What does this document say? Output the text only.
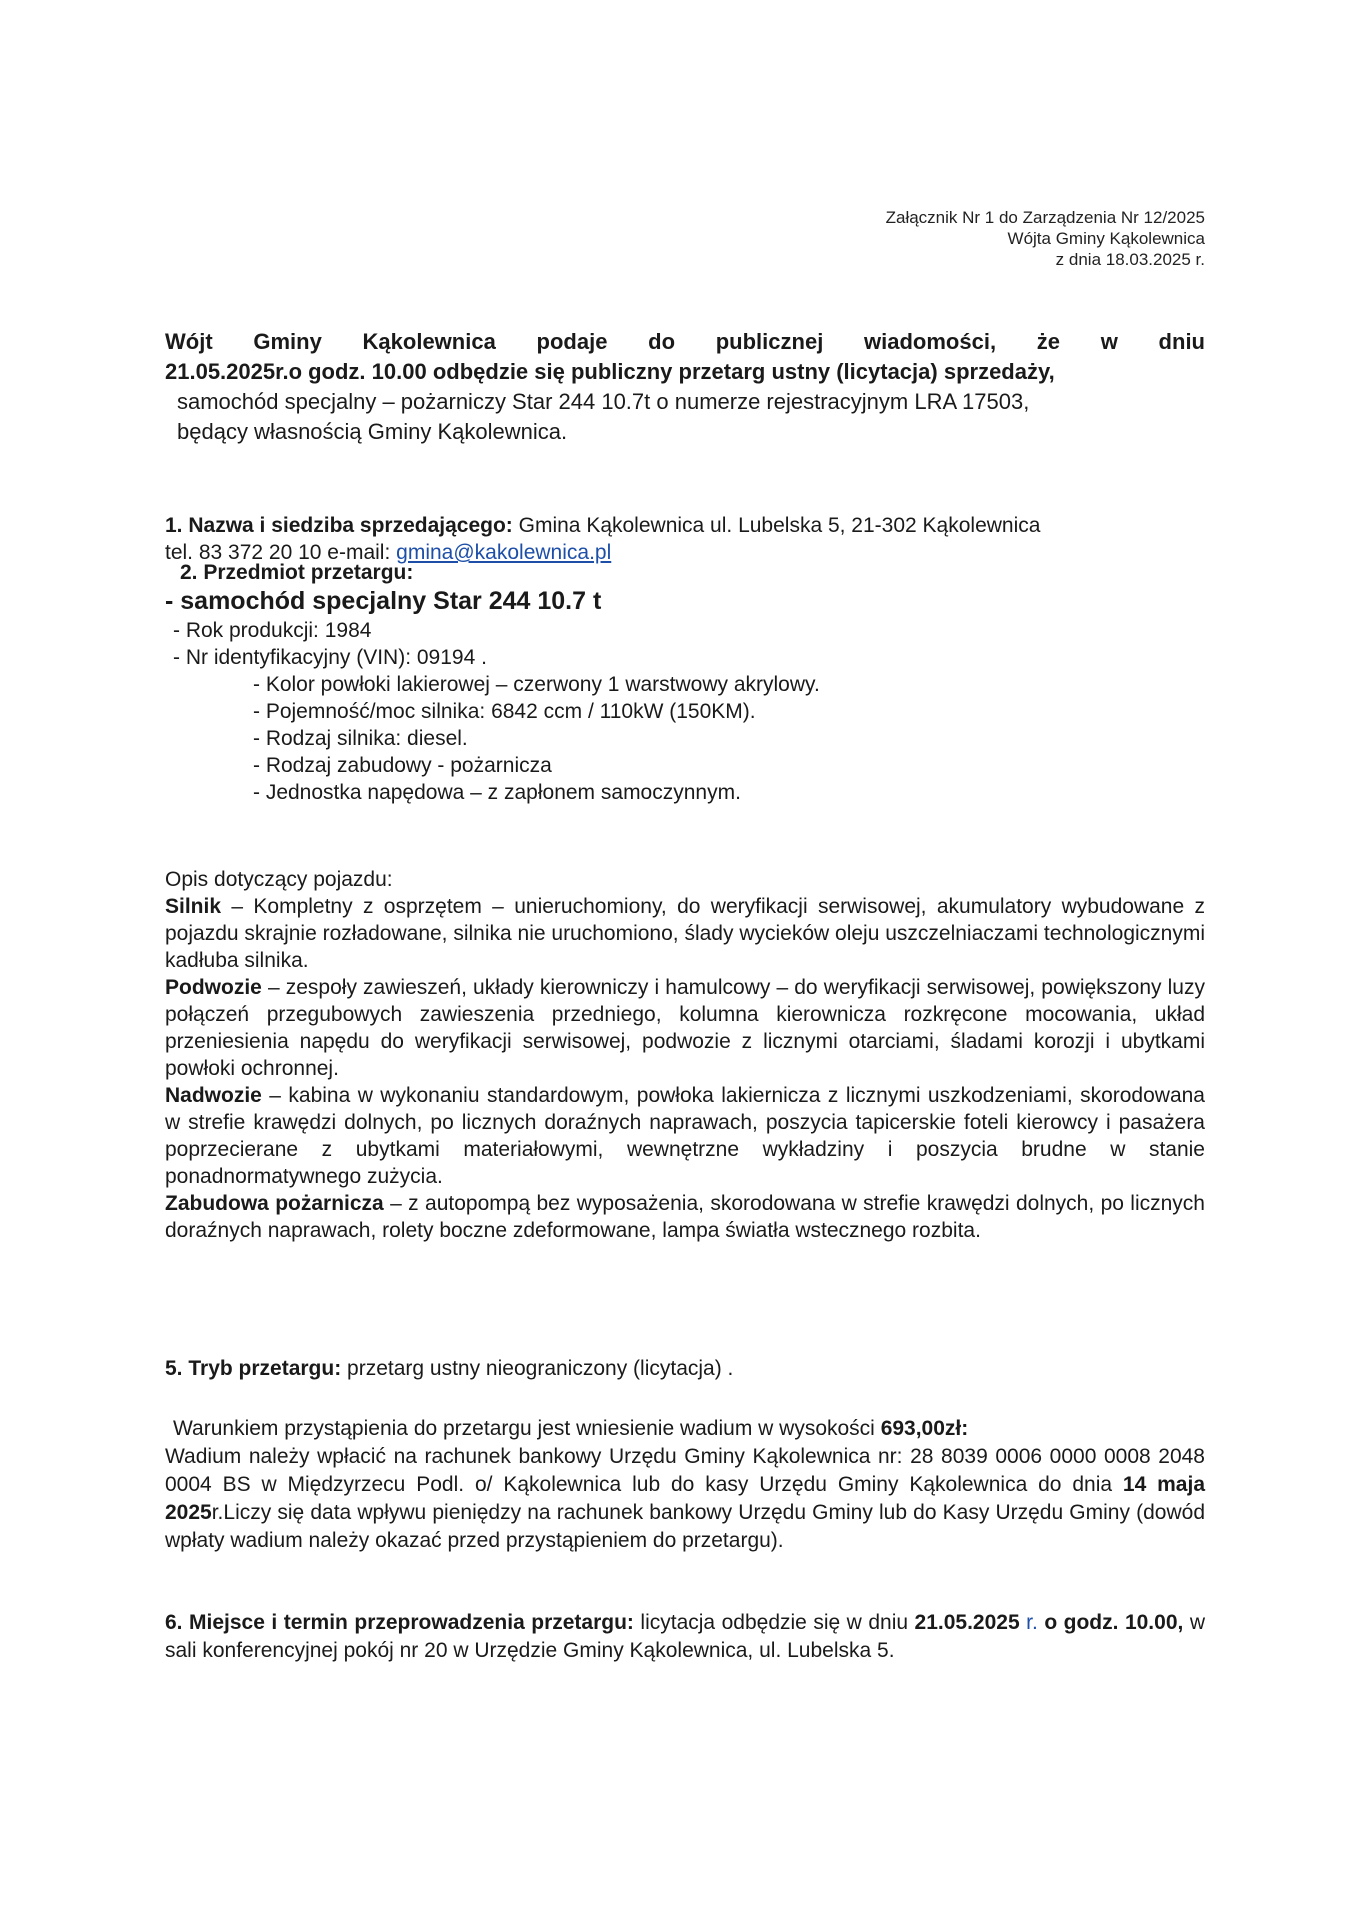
Załącznik Nr 1 do Zarządzenia Nr 12/2025
Wójta Gminy Kąkolewnica
z dnia 18.03.2025 r.
Wójt Gminy Kąkolewnica podaje do publicznej wiadomości, że w dniu
21.05.2025r.o godz. 10.00 odbędzie się publiczny przetarg ustny (licytacja) sprzedaży,
samochód specjalny – pożarniczy Star 244 10.7t o numerze rejestracyjnym LRA 17503,
będący własnością Gminy Kąkolewnica.
1. Nazwa i siedziba sprzedającego: Gmina Kąkolewnica ul. Lubelska 5, 21-302 Kąkolewnica
tel. 83 372 20 10 e-mail: gmina@kakolewnica.pl
2. Przedmiot przetargu:
- samochód specjalny Star 244 10.7 t
- Rok produkcji: 1984
- Nr identyfikacyjny (VIN): 09194 .
- Kolor powłoki lakierowej – czerwony 1 warstwowy akrylowy.
- Pojemność/moc silnika: 6842 ccm / 110kW (150KM).
- Rodzaj silnika: diesel.
- Rodzaj zabudowy - pożarnicza
- Jednostka napędowa – z zapłonem samoczynnym.
Opis dotyczący pojazdu:
Silnik – Kompletny z osprzętem – unieruchomiony, do weryfikacji serwisowej, akumulatory wybudowane z pojazdu skrajnie rozładowane, silnika nie uruchomiono, ślady wycieków oleju uszczelniaczami technologicznymi kadłuba silnika.
Podwozie – zespoły zawieszeń, układy kierowniczy i hamulcowy – do weryfikacji serwisowej, powiększony luzy połączeń przegubowych zawieszenia przedniego, kolumna kierownicza rozkręcone mocowania, układ przeniesienia napędu do weryfikacji serwisowej, podwozie z licznymi otarciami, śladami korozji i ubytkami powłoki ochronnej.
Nadwozie – kabina w wykonaniu standardowym, powłoka lakiernicza z licznymi uszkodzeniami, skorodowana w strefie krawędzi dolnych, po licznych doraźnych naprawach, poszycia tapicerskie foteli kierowcy i pasażera poprzecierane z ubytkami materiałowymi, wewnętrzne wykładziny i poszycia brudne w stanie ponadnormatywnego zużycia.
Zabudowa pożarnicza – z autopompą bez wyposażenia, skorodowana w strefie krawędzi dolnych, po licznych doraźnych naprawach, rolety boczne zdeformowane, lampa światła wstecznego rozbita.
5. Tryb przetargu: przetarg ustny nieograniczony (licytacja) .
Warunkiem przystąpienia do przetargu jest wniesienie wadium w wysokości 693,00zł:
Wadium należy wpłacić na rachunek bankowy Urzędu Gminy Kąkolewnica nr: 28 8039 0006 0000 0008 2048 0004 BS w Międzyrzecu Podl. o/ Kąkolewnica lub do kasy Urzędu Gminy Kąkolewnica do dnia 14 maja 2025r.Liczy się data wpływu pieniędzy na rachunek bankowy Urzędu Gminy lub do Kasy Urzędu Gminy (dowód wpłaty wadium należy okazać przed przystąpieniem do przetargu).
6. Miejsce i termin przeprowadzenia przetargu: licytacja odbędzie się w dniu 21.05.2025 r. o godz. 10.00, w sali konferencyjnej pokój nr 20 w Urzędzie Gminy Kąkolewnica, ul. Lubelska 5.
